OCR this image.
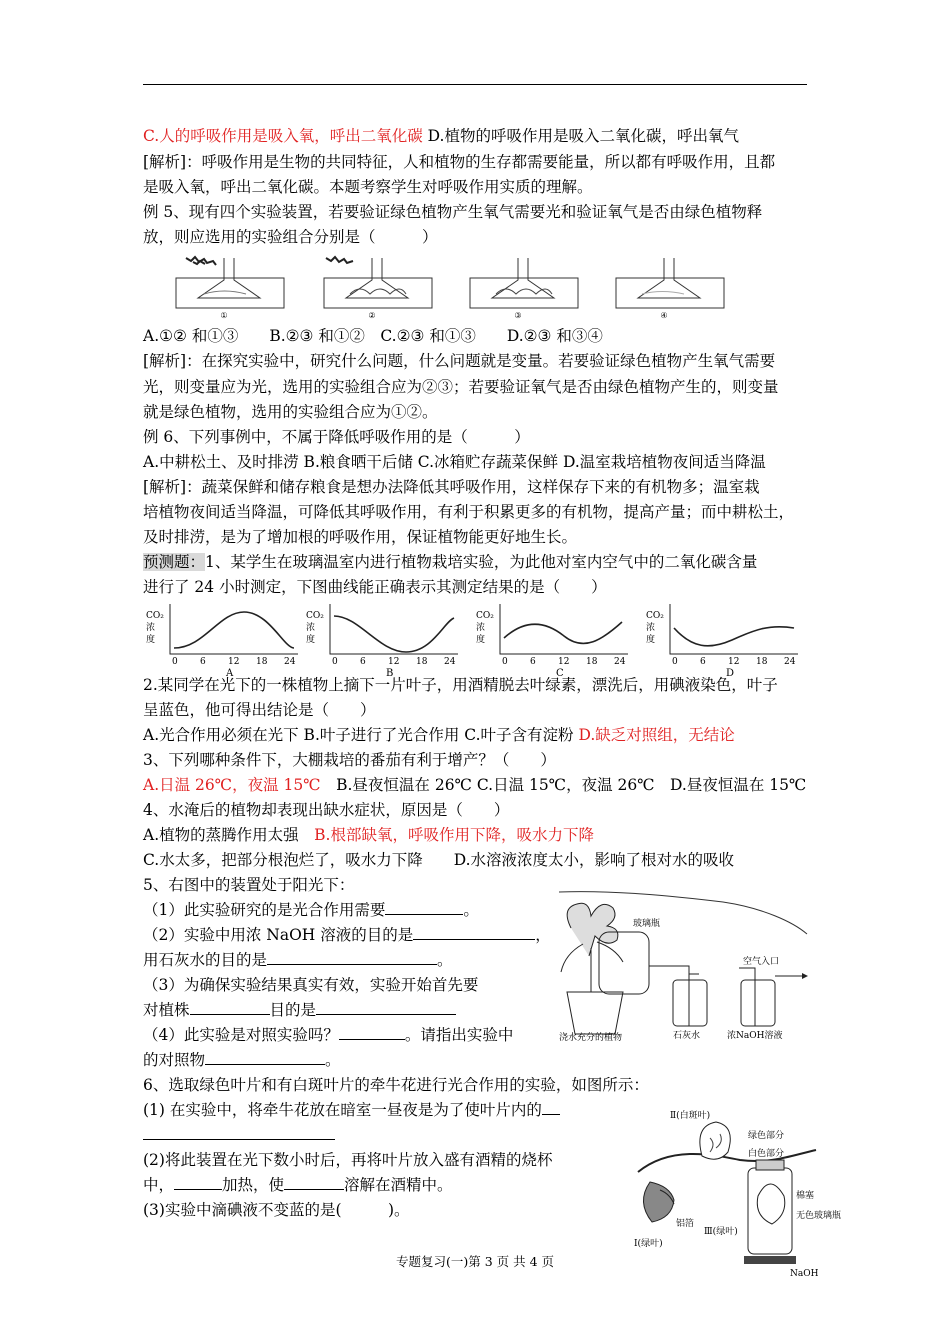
C.人的呼吸作用是吸入氧，呼出二氧化碳 D.植物的呼吸作用是吸入二氧化碳，呼出氧气
[解析]：呼吸作用是生物的共同特征，人和植物的生存都需要能量，所以都有呼吸作用，且都
是吸入氧，呼出二氧化碳。本题考察学生对呼吸作用实质的理解。
例 5、现有四个实验装置，若要验证绿色植物产生氧气需要光和验证氧气是否由绿色植物释
放，则应选用的实验组合分别是（　　　）
①	②	③	④
A.①② 和①③　　B.②③ 和①②　C.②③ 和①③　　D.②③ 和③④
[解析]：在探究实验中，研究什么问题，什么问题就是变量。若要验证绿色植物产生氧气需要
光，则变量应为光，选用的实验组合应为②③；若要验证氧气是否由绿色植物产生的，则变量
就是绿色植物，选用的实验组合应为①②。
例 6、下列事例中，不属于降低呼吸作用的是（　　　）
A.中耕松土、及时排涝 B.粮食晒干后储 C.冰箱贮存蔬菜保鲜 D.温室栽培植物夜间适当降温
[解析]：蔬菜保鲜和储存粮食是想办法降低其呼吸作用，这样保存下来的有机物多；温室栽
培植物夜间适当降温，可降低其呼吸作用，有利于积累更多的有机物，提高产量；而中耕松土，
及时排涝，是为了增加根的呼吸作用，保证植物能更好地生长。
预测题：1、某学生在玻璃温室内进行植物栽培实验，为此他对室内空气中的二氧化碳含量
进行了 24 小时测定，下图曲线能正确表示其测定结果的是（　　）
CO₂
浓
度
0 6 12 18 24
A
CO₂
浓
度
0 6 12 18 24
B
CO₂
浓
度
0 6 12 18 24
C
CO₂
浓
度
0 6 12 18 24
D
2.某同学在光下的一株植物上摘下一片叶子，用酒精脱去叶绿素，漂洗后，用碘液染色，叶子
呈蓝色，他可得出结论是（　　）
A.光合作用必须在光下 B.叶子进行了光合作用 C.叶子含有淀粉 D.缺乏对照组，无结论
3、下列哪种条件下，大棚栽培的番茄有利于增产？（　　）
A.日温 26℃，夜温 15℃　B.昼夜恒温在 26℃ C.日温 15℃，夜温 26℃　D.昼夜恒温在 15℃
4、水淹后的植物却表现出缺水症状，原因是（　　）
A.植物的蒸腾作用太强　B.根部缺氧，呼吸作用下降，吸水力下降
C.水太多，把部分根泡烂了，吸水力下降　　D.水溶液浓度太小，影响了根对水的吸收
5、右图中的装置处于阳光下：
（1）此实验研究的是光合作用需要	。
（2）实验中用浓 NaOH 溶液的目的是	，
用石灰水的目的是	。
（3）为确保实验结果真实有效，实验开始首先要
对植株	目的是
（4）此实验是对照实验吗？	。请指出实验中
的对照物	。
玻璃瓶
空气入口
浇水充分的植物	石灰水	浓NaOH溶液
6、选取绿色叶片和有白斑叶片的牵牛花进行光合作用的实验，如图所示：
(1) 在实验中，将牵牛花放在暗室一昼夜是为了使叶片内的
(2)将此装置在光下数小时后，再将叶片放入盛有酒精的烧杯
中，	加热，使	溶解在酒精中。
(3)实验中滴碘液不变蓝的是(　　　)。
Ⅱ(白斑叶)
绿色部分
白色部分
棉塞
无色玻璃瓶
铝箔
Ⅰ(绿叶)
Ⅲ(绿叶)
NaOH
专题复习(一)第 3 页 共 4 页
